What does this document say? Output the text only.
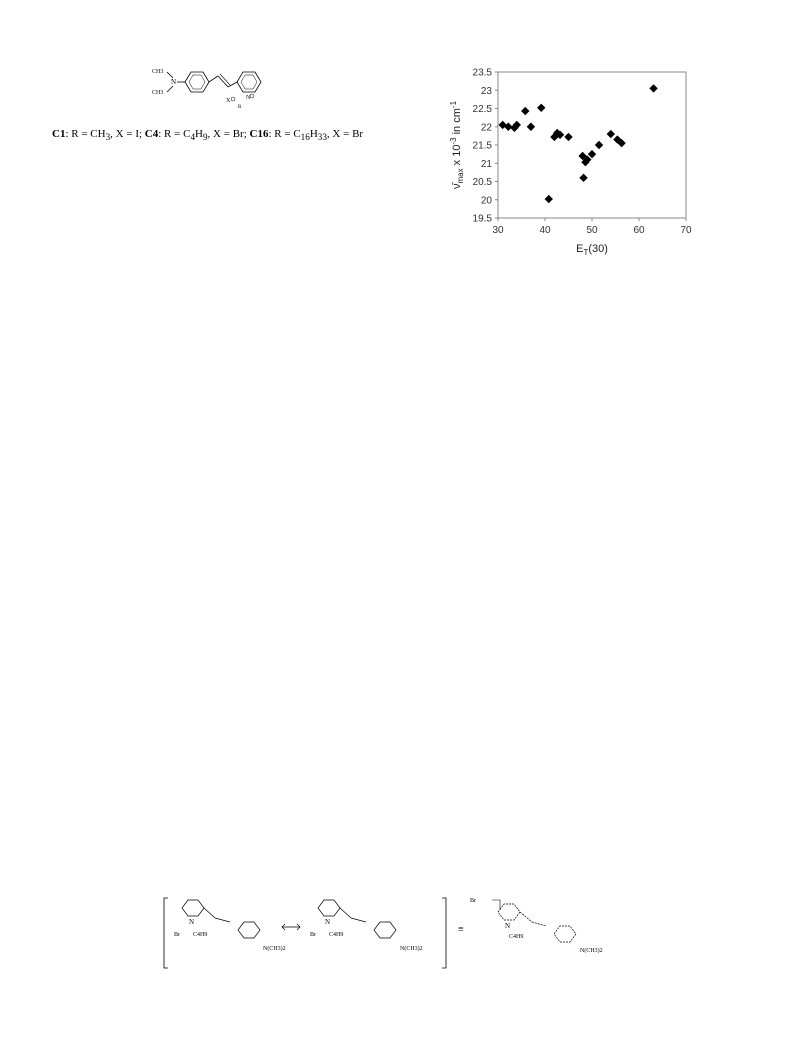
CH3
CH3
N
N
X
R
C1: $R = CH_3$, X = I; C4: $R = C_4H_9$, X = Br; C16: $R = C_{16}H_{33}$, X = Br
19.5
20
20.5
21
21.5
22
22.5
23
23.5
30	40	50	60	70
$E_T(30)$
$\nū_{max}$ x $10^{-3}$ in $cm^{-1}$
N
Br C4H9
N(CH3)2
N
Br C4H9
N(CH3)2
≡
Br
N
C4H9
N(CH3)2
